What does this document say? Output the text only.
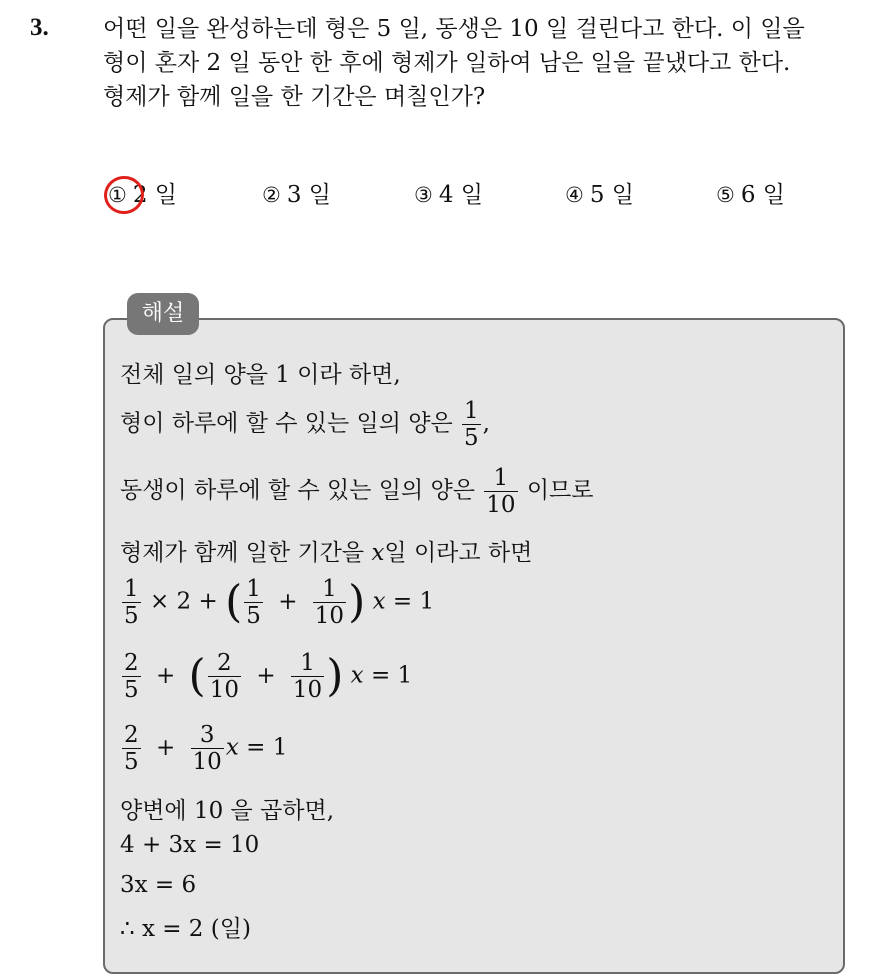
3. 어떤 일을 완성하는데 형은 5 일, 동생은 10 일 걸린다고 한다. 이 일을
형이 혼자 2 일 동안 한 후에 형제가 일하여 남은 일을 끝냈다고 한다.
형제가 함께 일을 한 기간은 며칠인가?
① 2 일	② 3 일	③ 4 일	④ 5 일	⑤ 6 일
해설
전체 일의 양을 1 이라 하면,
형이 하루에 할 수 있는 일의 양은 $\frac{1}{5}$ ,
동생이 하루에 할 수 있는 일의 양은 $\frac{1}{10}$ 이므로
형제가 함께 일한 기간을 x일 이라고 하면
$\frac{1}{5} \times 2$ + ( $\frac{1}{5} + \frac{1}{10}$ ) x = 1
$\frac{2}{5}$ + ( $\frac{2}{10} + \frac{1}{10}$ ) x = 1
$\frac{2}{5} + \frac{3}{10}$ x = 1
양변에 10 을 곱하면,
4 + 3x = 10
3x = 6
∴ x = 2 (일)
